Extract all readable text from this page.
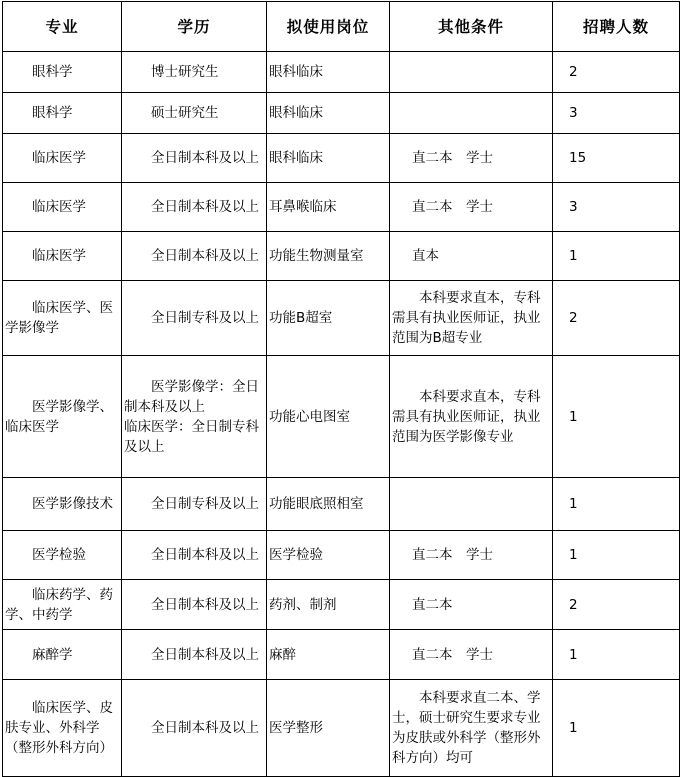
专业	学历	拟使用岗位	其他条件	招聘人数

眼科学	博士研究生	眼科临床		2

眼科学	硕士研究生	眼科临床		3

临床医学	全日制本科及以上	眼科临床	直二本　学士	15

临床医学	全日制本科及以上	耳鼻喉临床	直二本　学士	3

临床医学	全日制本科及以上	功能生物测量室	直本	1

临床医学、医学影像学	全日制专科及以上	功能B超室	本科要求直本，专科需具有执业医师证，执业范围为B超专业	2

医学影像学、临床医学	医学影像学：全日制本科及以上
临床医学：全日制专科及以上	功能心电图室	本科要求直本，专科需具有执业医师证，执业范围为医学影像专业	1

医学影像技术	全日制专科及以上	功能眼底照相室		1

医学检验	全日制本科及以上	医学检验	直二本　学士	1

临床药学、药学、中药学	全日制本科及以上	药剂、制剂	直二本	2

麻醉学	全日制本科及以上	麻醉	直二本　学士	1

临床医学、皮肤专业、外科学（整形外科方向）	全日制本科及以上	医学整形	本科要求直二本、学士，硕士研究生要求专业为皮肤或外科学（整形外科方向）均可	1
